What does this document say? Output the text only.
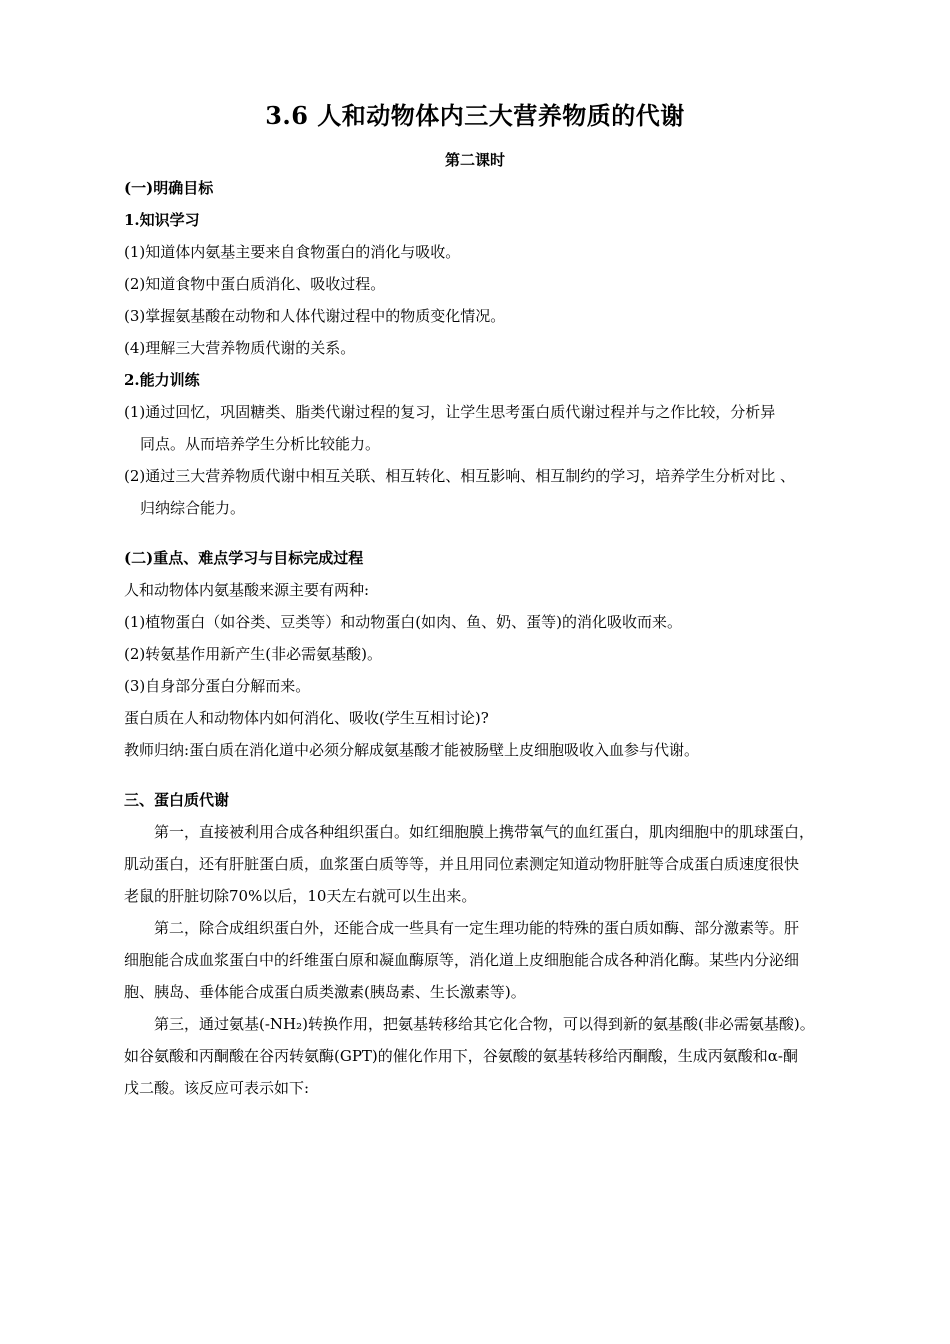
3.6 人和动物体内三大营养物质的代谢
第二课时
(一)明确目标
1.知识学习
(1)知道体内氨基主要来自食物蛋白的消化与吸收。
(2)知道食物中蛋白质消化、吸收过程。
(3)掌握氨基酸在动物和人体代谢过程中的物质变化情况。
(4)理解三大营养物质代谢的关系。
2.能力训练
(1)通过回忆，巩固糖类、脂类代谢过程的复习，让学生思考蛋白质代谢过程并与之作比较，分析异
同点。从而培养学生分析比较能力。
(2)通过三大营养物质代谢中相互关联、相互转化、相互影响、相互制约的学习，培养学生分析对比 、
归纳综合能力。
(二)重点、难点学习与目标完成过程
人和动物体内氨基酸来源主要有两种:
(1)植物蛋白（如谷类、豆类等）和动物蛋白(如肉、鱼、奶、蛋等)的消化吸收而来。
(2)转氨基作用新产生(非必需氨基酸)。
(3)自身部分蛋白分解而来。
蛋白质在人和动物体内如何消化、吸收(学生互相讨论)?
教师归纳:蛋白质在消化道中必须分解成氨基酸才能被肠壁上皮细胞吸收入血参与代谢。
三、蛋白质代谢
第一，直接被利用合成各种组织蛋白。如红细胞膜上携带氧气的血红蛋白，肌肉细胞中的肌球蛋白，
肌动蛋白，还有肝脏蛋白质，血浆蛋白质等等，并且用同位素测定知道动物肝脏等合成蛋白质速度很快
老鼠的肝脏切除70%以后，10天左右就可以生出来。
第二，除合成组织蛋白外，还能合成一些具有一定生理功能的特殊的蛋白质如酶、部分激素等。肝
细胞能合成血浆蛋白中的纤维蛋白原和凝血酶原等，消化道上皮细胞能合成各种消化酶。某些内分泌细
胞、胰岛、垂体能合成蛋白质类激素(胰岛素、生长激素等)。
第三，通过氨基(-NH₂)转换作用，把氨基转移给其它化合物，可以得到新的氨基酸(非必需氨基酸)。
如谷氨酸和丙酮酸在谷丙转氨酶(GPT)的催化作用下，谷氨酸的氨基转移给丙酮酸，生成丙氨酸和α-酮
戊二酸。该反应可表示如下:
